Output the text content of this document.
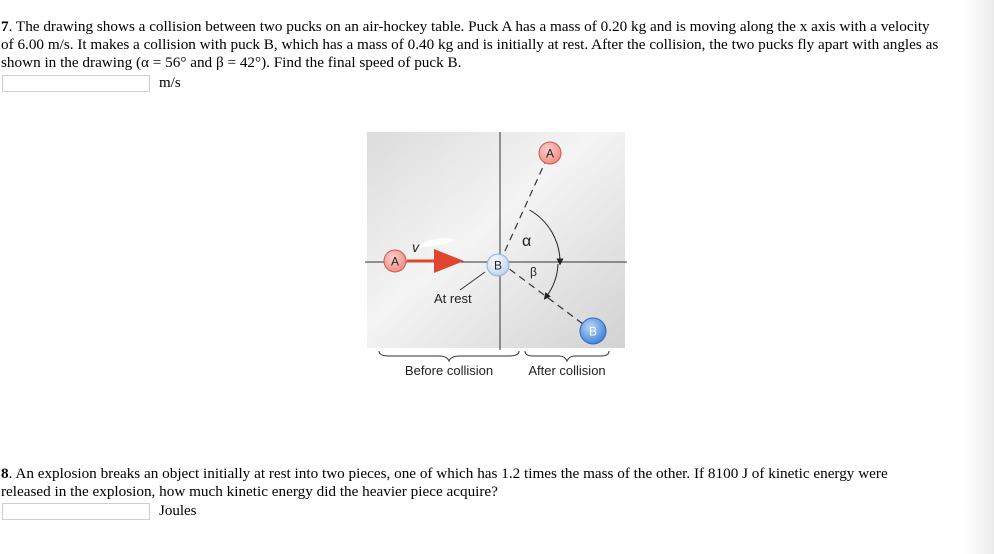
7. The drawing shows a collision between two pucks on an air-hockey table. Puck A has a mass of 0.20 kg and is moving along the x axis with a velocity
of 6.00 m/s. It makes a collision with puck B, which has a mass of 0.40 kg and is initially at rest. After the collision, the two pucks fly apart with angles as
shown in the drawing (α = 56° and β = 42°). Find the final speed of puck B.
m/s
A
v
At rest
α
β
B
A
B
Before collision	After collision
8. An explosion breaks an object initially at rest into two pieces, one of which has 1.2 times the mass of the other. If 8100 J of kinetic energy were
released in the explosion, how much kinetic energy did the heavier piece acquire?
Joules
